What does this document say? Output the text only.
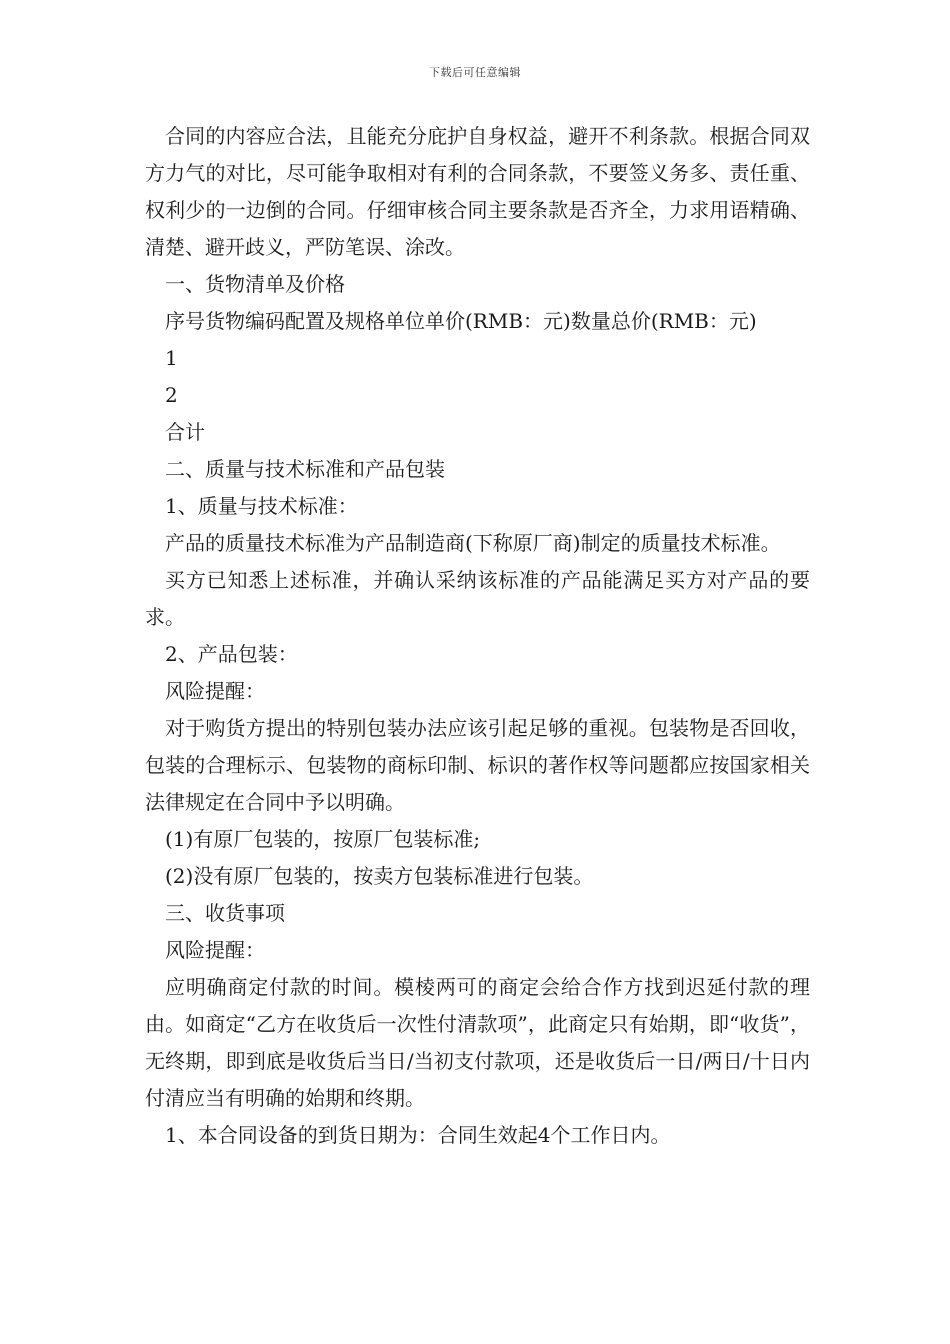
下载后可任意编辑

合同的内容应合法，且能充分庇护自身权益，避开不利条款。根据合同双方力气的对比，尽可能争取相对有利的合同条款，不要签义务多、责任重、权利少的一边倒的合同。仔细审核合同主要条款是否齐全，力求用语精确、清楚、避开歧义，严防笔误、涂改。

一、货物清单及价格

序号货物编码配置及规格单位单价(RMB：元)数量总价(RMB：元)

1

2

合计

二、质量与技术标准和产品包装

1、质量与技术标准：

产品的质量技术标准为产品制造商(下称原厂商)制定的质量技术标准。

买方已知悉上述标准，并确认采纳该标准的产品能满足买方对产品的要求。

2、产品包装：

风险提醒：

对于购货方提出的特别包装办法应该引起足够的重视。包装物是否回收，包装的合理标示、包装物的商标印制、标识的著作权等问题都应按国家相关法律规定在合同中予以明确。

(1)有原厂包装的，按原厂包装标准;

(2)没有原厂包装的，按卖方包装标准进行包装。

三、收货事项

风险提醒：

应明确商定付款的时间。模棱两可的商定会给合作方找到迟延付款的理由。如商定“乙方在收货后一次性付清款项”，此商定只有始期，即“收货”，无终期，即到底是收货后当日/当初支付款项，还是收货后一日/两日/十日内付清应当有明确的始期和终期。

1、本合同设备的到货日期为：合同生效起4个工作日内。
